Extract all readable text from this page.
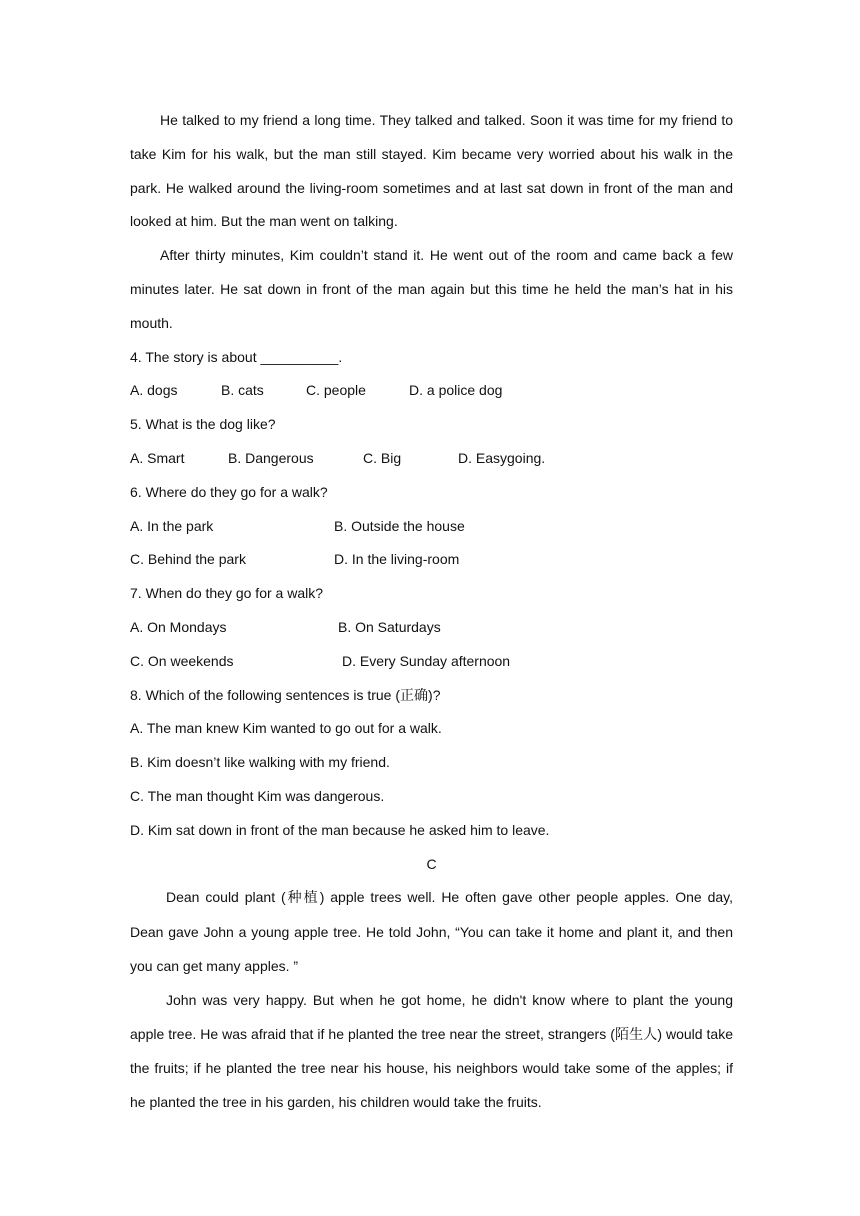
He talked to my friend a long time. They talked and talked. Soon it was time for my friend to take Kim for his walk, but the man still stayed. Kim became very worried about his walk in the park. He walked around the living-room sometimes and at last sat down in front of the man and looked at him. But the man went on talking.

After thirty minutes, Kim couldn’t stand it. He went out of the room and came back a few minutes later. He sat down in front of the man again but this time he held the man’s hat in his mouth.

4. The story is about __________.

A. dogs	B. cats	C. people	D. a police dog

5. What is the dog like?

A. Smart	B. Dangerous	C. Big	D. Easygoing.

6. Where do they go for a walk?

A. In the park	B. Outside the house
C. Behind the park	D. In the living-room

7. When do they go for a walk?

A. On Mondays	B. On Saturdays
C. On weekends	D. Every Sunday afternoon

8. Which of the following sentences is true (正确)?

A. The man knew Kim wanted to go out for a walk.

B. Kim doesn’t like walking with my friend.

C. The man thought Kim was dangerous.

D. Kim sat down in front of the man because he asked him to leave.

C

Dean could plant (种植) apple trees well. He often gave other people apples. One day, Dean gave John a young apple tree. He told John, “You can take it home and plant it, and then you can get many apples. ”

John was very happy. But when he got home, he didn't know where to plant the young apple tree. He was afraid that if he planted the tree near the street, strangers (陌生人) would take the fruits; if he planted the tree near his house, his neighbors would take some of the apples; if he planted the tree in his garden, his children would take the fruits.
